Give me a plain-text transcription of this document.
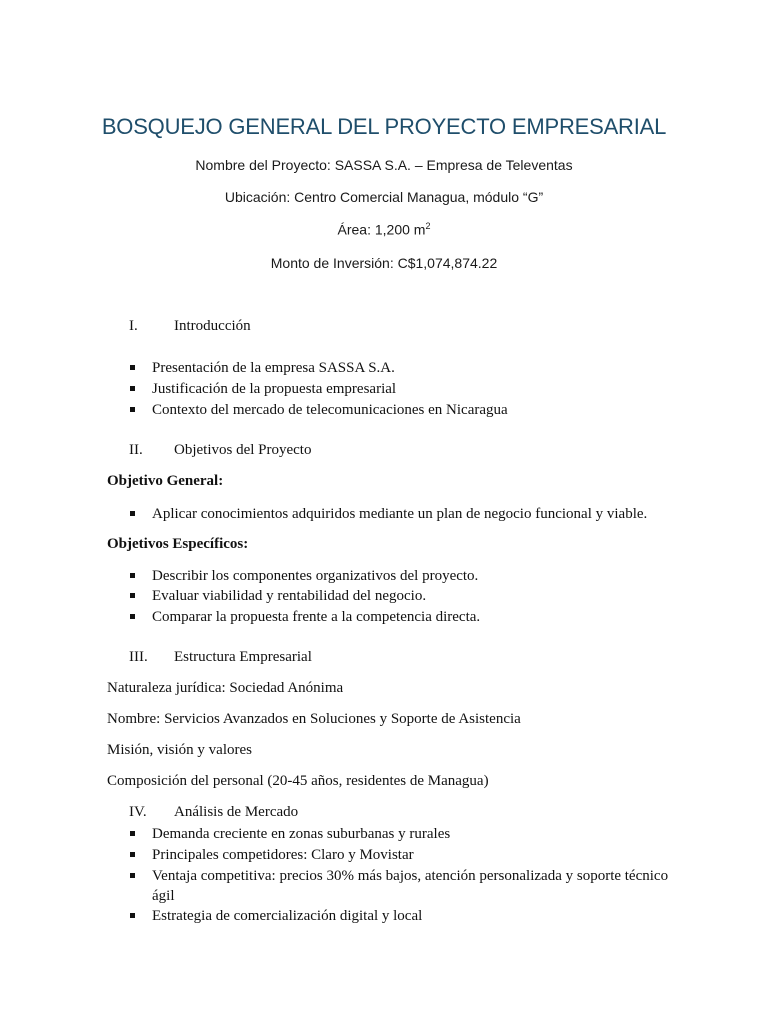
BOSQUEJO GENERAL DEL PROYECTO EMPRESARIAL
Nombre del Proyecto: SASSA S.A. – Empresa de Televentas
Ubicación: Centro Comercial Managua, módulo “G”
Área: 1,200 $m^2$
Monto de Inversión: C$1,074,874.22
I. Introducción
Presentación de la empresa SASSA S.A.
Justificación de la propuesta empresarial
Contexto del mercado de telecomunicaciones en Nicaragua
II. Objetivos del Proyecto
Objetivo General:
Aplicar conocimientos adquiridos mediante un plan de negocio funcional y viable.
Objetivos Específicos:
Describir los componentes organizativos del proyecto.
Evaluar viabilidad y rentabilidad del negocio.
Comparar la propuesta frente a la competencia directa.
III. Estructura Empresarial
Naturaleza jurídica: Sociedad Anónima
Nombre: Servicios Avanzados en Soluciones y Soporte de Asistencia
Misión, visión y valores
Composición del personal (20-45 años, residentes de Managua)
IV. Análisis de Mercado
Demanda creciente en zonas suburbanas y rurales
Principales competidores: Claro y Movistar
Ventaja competitiva: precios 30% más bajos, atención personalizada y soporte técnico ágil
Estrategia de comercialización digital y local
